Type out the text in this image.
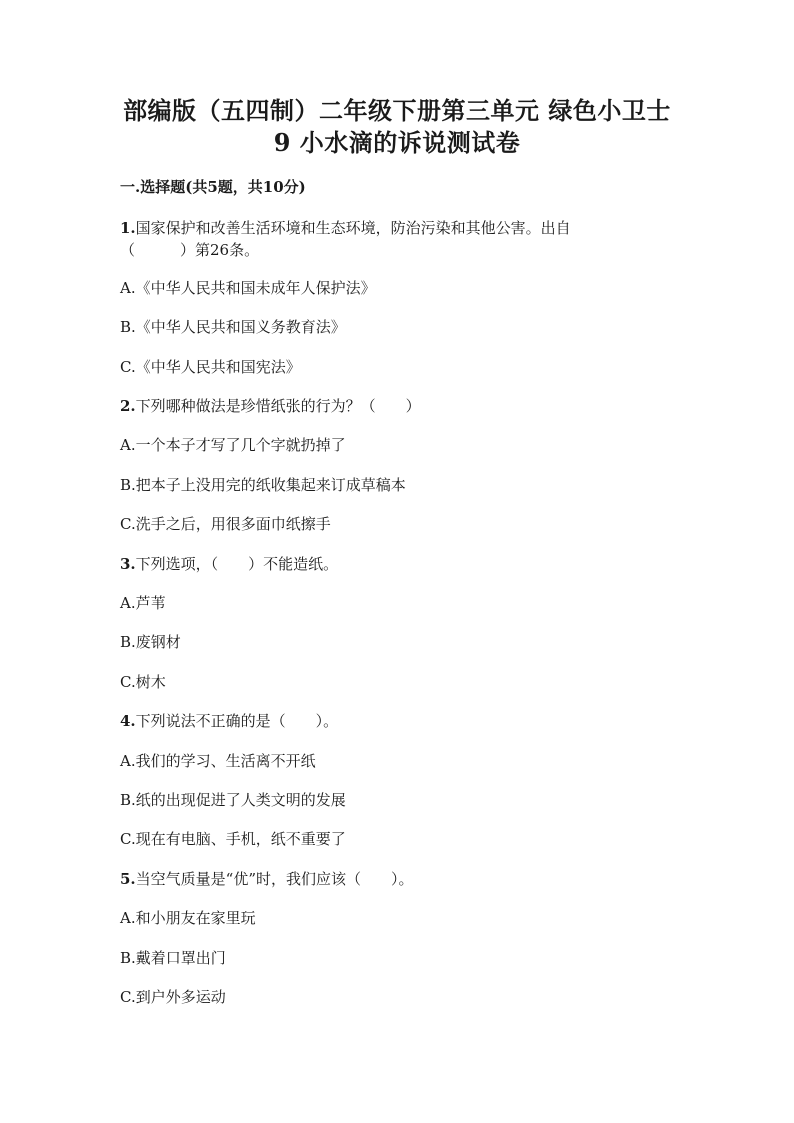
部编版（五四制）二年级下册第三单元 绿色小卫士
9 小水滴的诉说测试卷

一.选择题(共5题，共10分)

1.国家保护和改善生活环境和生态环境，防治污染和其他公害。出自

（　　　）第26条。

A.《中华人民共和国未成年人保护法》

B.《中华人民共和国义务教育法》

C.《中华人民共和国宪法》

2.下列哪种做法是珍惜纸张的行为？（　　）

A.一个本子才写了几个字就扔掉了

B.把本子上没用完的纸收集起来订成草稿本

C.洗手之后，用很多面巾纸擦手

3.下列选项，（　　）不能造纸。

A.芦苇

B.废钢材

C.树木

4.下列说法不正确的是（　　）。

A.我们的学习、生活离不开纸

B.纸的出现促进了人类文明的发展

C.现在有电脑、手机，纸不重要了

5.当空气质量是“优”时，我们应该（　　）。

A.和小朋友在家里玩

B.戴着口罩出门

C.到户外多运动
